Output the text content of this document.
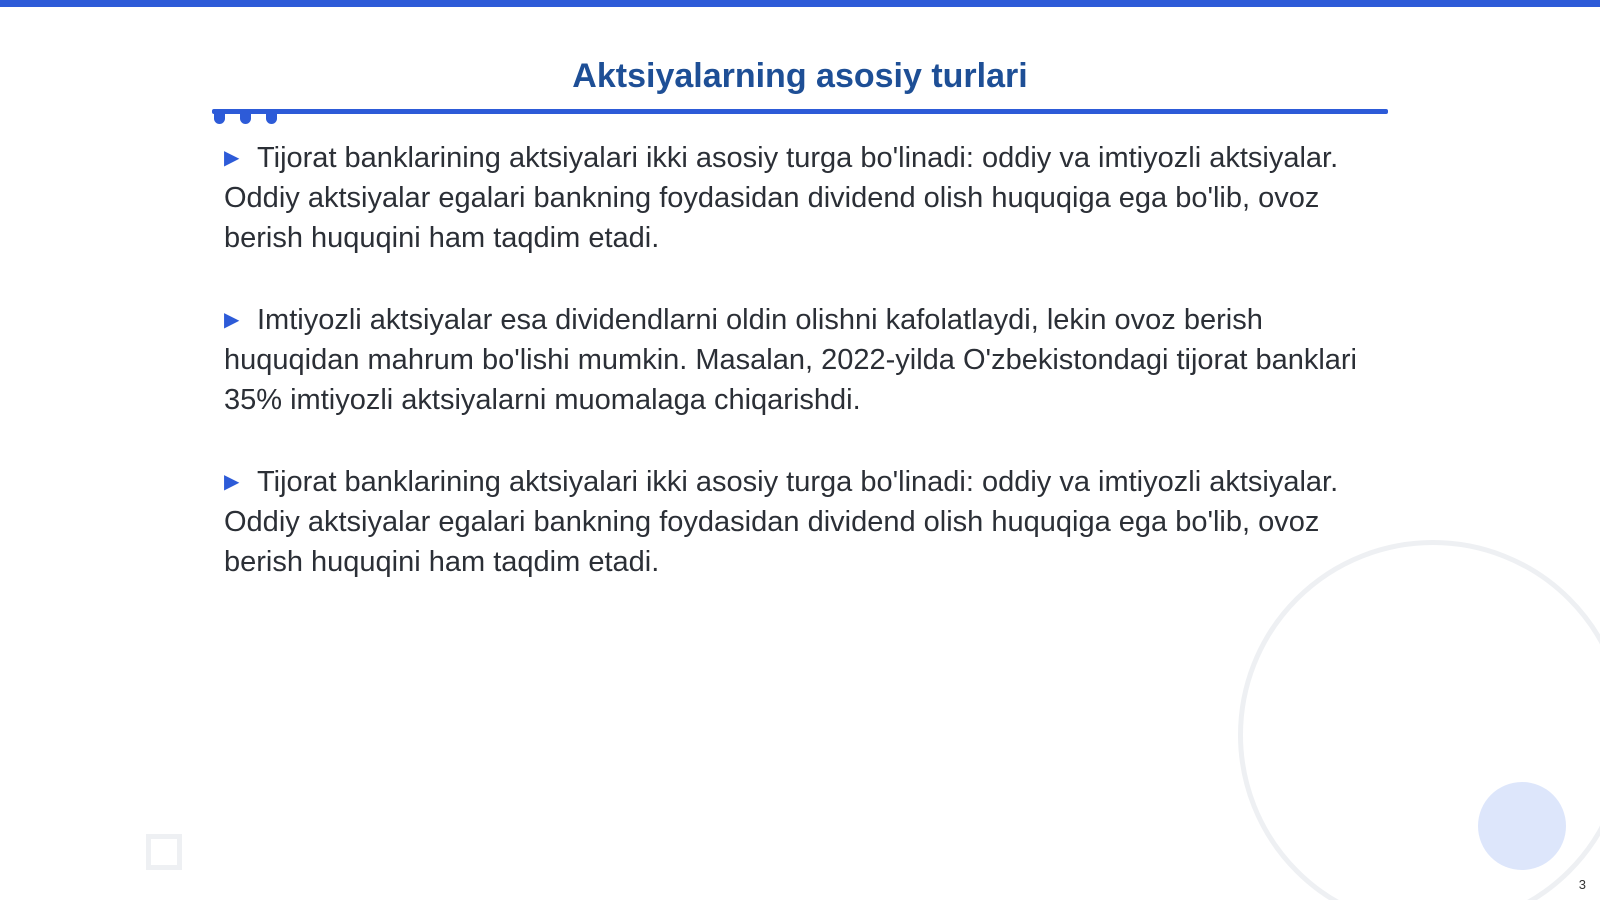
Aktsiyalarning asosiy turlari

▶ Tijorat banklarining aktsiyalari ikki asosiy turga bo'linadi: oddiy va imtiyozli aktsiyalar. Oddiy aktsiyalar egalari bankning foydasidan dividend olish huquqiga ega bo'lib, ovoz berish huquqini ham taqdim etadi.

▶ Imtiyozli aktsiyalar esa dividendlarni oldin olishni kafolatlaydi, lekin ovoz berish huquqidan mahrum bo'lishi mumkin. Masalan, 2022-yilda O'zbekistondagi tijorat banklari 35% imtiyozli aktsiyalarni muomalaga chiqarishdi.

▶ Tijorat banklarining aktsiyalari ikki asosiy turga bo'linadi: oddiy va imtiyozli aktsiyalar. Oddiy aktsiyalar egalari bankning foydasidan dividend olish huquqiga ega bo'lib, ovoz berish huquqini ham taqdim etadi.

3
